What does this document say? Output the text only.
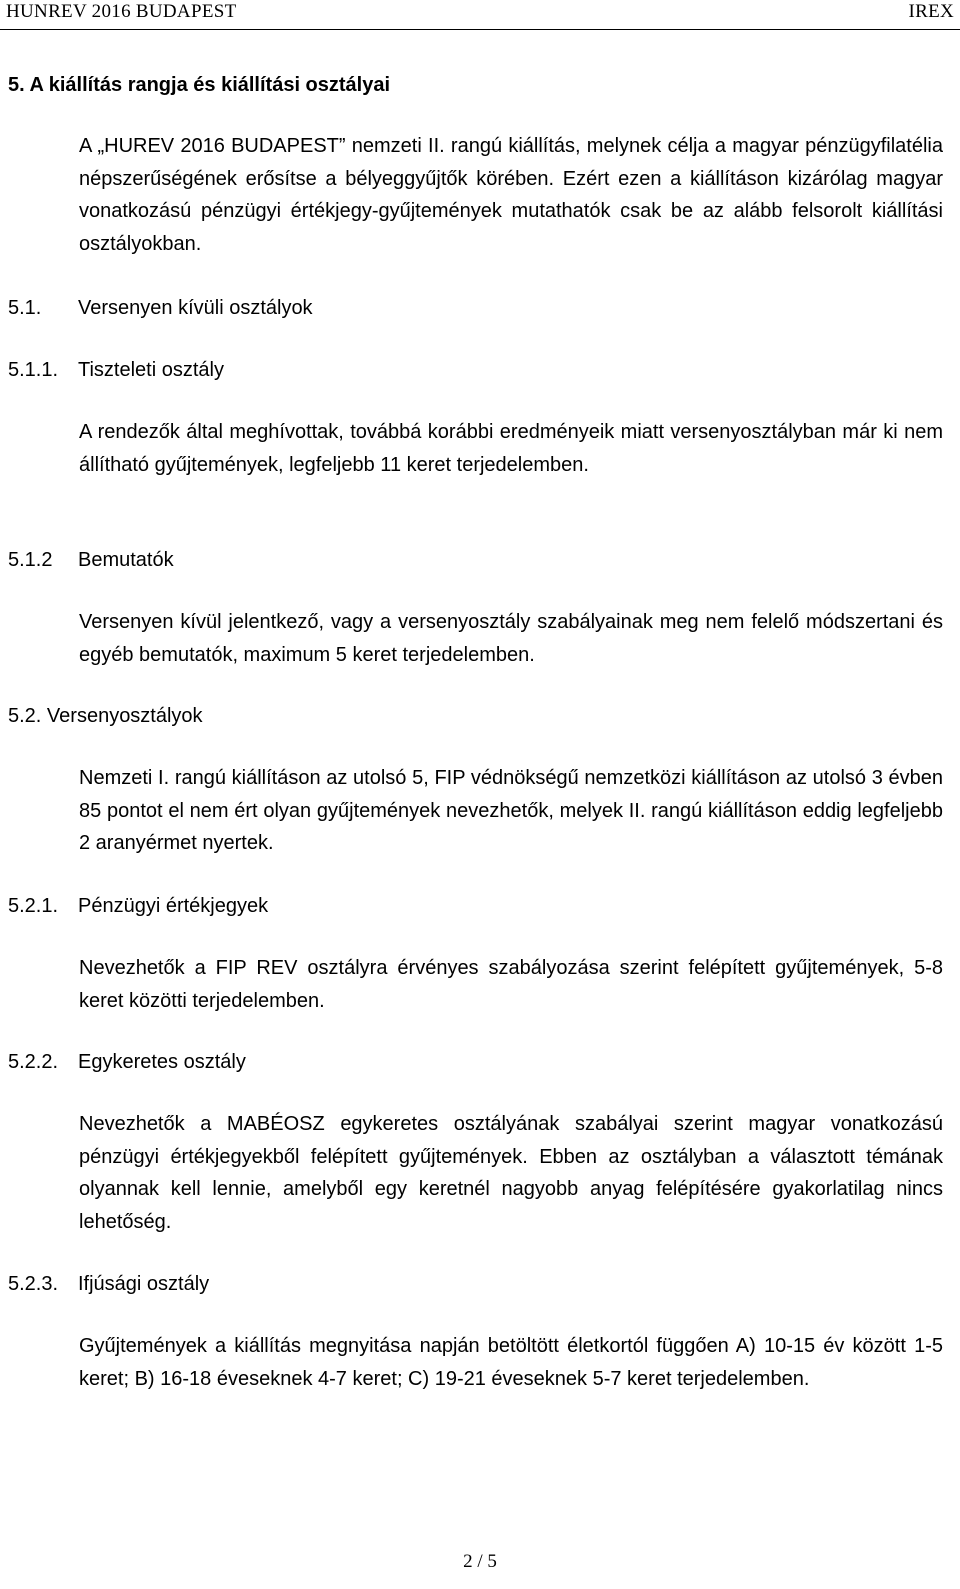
HUNREV 2016 BUDAPEST	IREX
5. A kiállítás rangja és kiállítási osztályai

A „HUREV 2016 BUDAPEST” nemzeti II. rangú kiállítás, melynek célja a magyar pénzügyfilatélia népszerűségének erősítse a bélyeggyűjtők körében. Ezért ezen a kiállításon kizárólag magyar vonatkozású pénzügyi értékjegy-gyűjtemények mutathatók csak be az alább felsorolt kiállítási osztályokban.

5.1. Versenyen kívüli osztályok
5.1.1. Tiszteleti osztály

A rendezők által meghívottak, továbbá korábbi eredményeik miatt versenyosztályban már ki nem állítható gyűjtemények, legfeljebb 11 keret terjedelemben.

5.1.2 Bemutatók

Versenyen kívül jelentkező, vagy a versenyosztály szabályainak meg nem felelő módszertani és egyéb bemutatók, maximum 5 keret terjedelemben.

5.2. Versenyosztályok

Nemzeti I. rangú kiállításon az utolsó 5, FIP védnökségű nemzetközi kiállításon az utolsó 3 évben 85 pontot el nem ért olyan gyűjtemények nevezhetők, melyek II. rangú kiállításon eddig legfeljebb 2 aranyérmet nyertek.

5.2.1. Pénzügyi értékjegyek

Nevezhetők a FIP REV osztályra érvényes szabályozása szerint felépített gyűjtemények, 5-8 keret közötti terjedelemben.

5.2.2. Egykeretes osztály

Nevezhetők a MABÉOSZ egykeretes osztályának szabályai szerint magyar vonatkozású pénzügyi értékjegyekből felépített gyűjtemények. Ebben az osztályban a választott témának olyannak kell lennie, amelyből egy keretnél nagyobb anyag felépítésére gyakorlatilag nincs lehetőség.

5.2.3. Ifjúsági osztály

Gyűjtemények a kiállítás megnyitása napján betöltött életkortól függően A) 10-15 év között 1-5 keret; B) 16-18 éveseknek 4-7 keret; C) 19-21 éveseknek 5-7 keret terjedelemben.

2 / 5
